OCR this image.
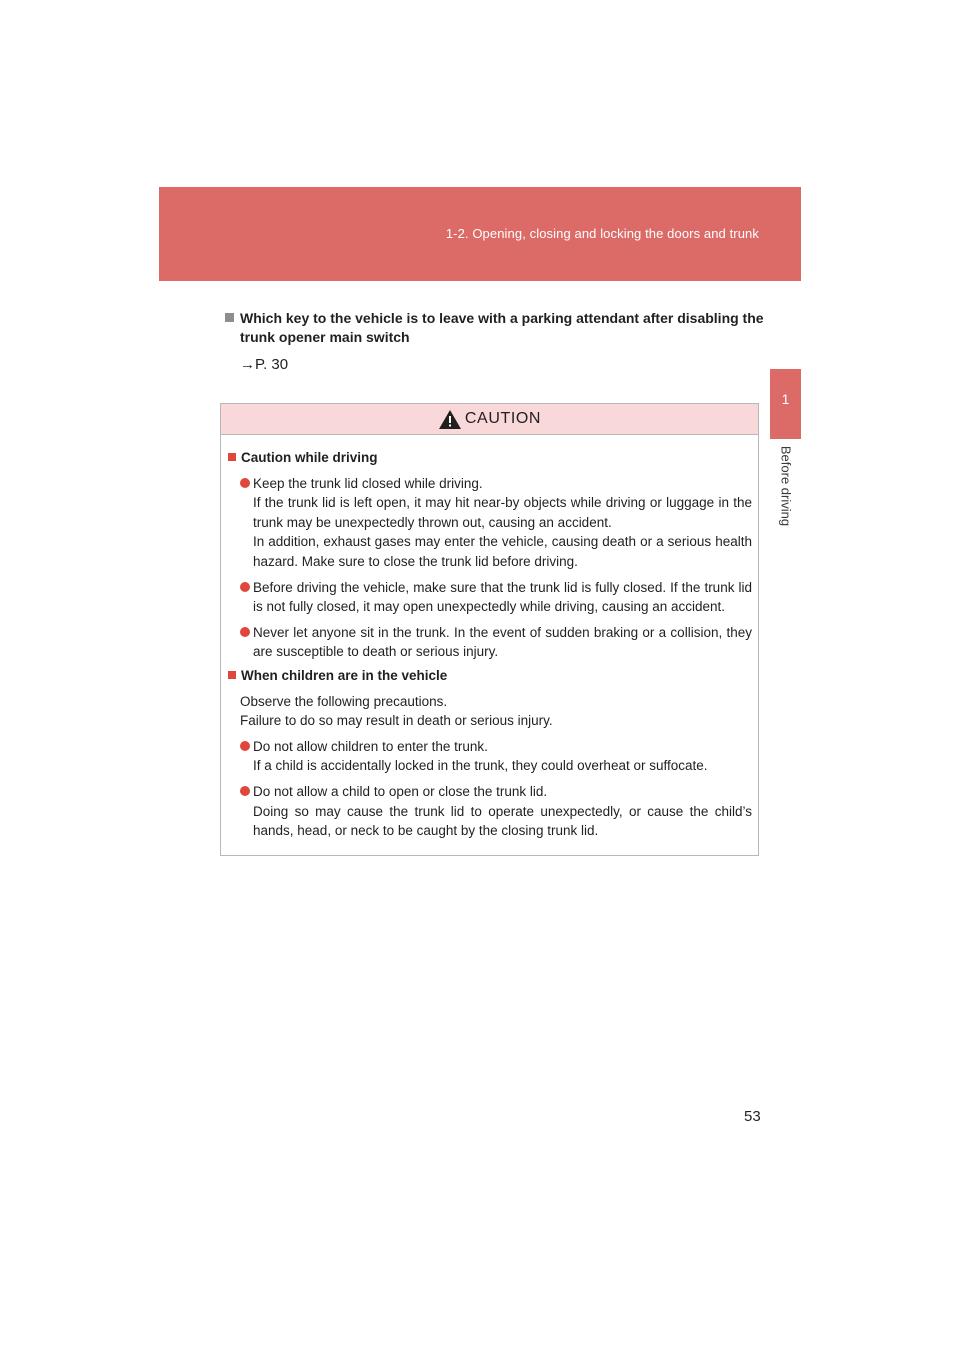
1-2. Opening, closing and locking the doors and trunk
1
Before driving
Which key to the vehicle is to leave with a parking attendant after disabling the trunk opener main switch
→P. 30
CAUTION
Caution while driving
Keep the trunk lid closed while driving.
If the trunk lid is left open, it may hit near-by objects while driving or luggage in the trunk may be unexpectedly thrown out, causing an accident.
In addition, exhaust gases may enter the vehicle, causing death or a serious health hazard. Make sure to close the trunk lid before driving.
Before driving the vehicle, make sure that the trunk lid is fully closed. If the trunk lid is not fully closed, it may open unexpectedly while driving, causing an accident.
Never let anyone sit in the trunk. In the event of sudden braking or a collision, they are susceptible to death or serious injury.
When children are in the vehicle
Observe the following precautions.
Failure to do so may result in death or serious injury.
Do not allow children to enter the trunk.
If a child is accidentally locked in the trunk, they could overheat or suffocate.
Do not allow a child to open or close the trunk lid.
Doing so may cause the trunk lid to operate unexpectedly, or cause the child’s hands, head, or neck to be caught by the closing trunk lid.
53
